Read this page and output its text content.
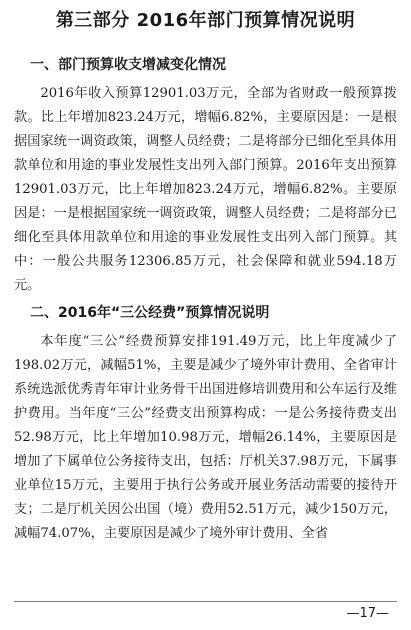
第三部分 2016年部门预算情况说明
一、部门预算收支增减变化情况

2016年收入预算12901.03万元，全部为省财政一般预算拨款。比上年增加823.24万元，增幅6.82%，主要原因是：一是根据国家统一调资政策，调整人员经费；二是将部分已细化至具体用款单位和用途的事业发展性支出列入部门预算。2016年支出预算12901.03万元，比上年增加823.24万元，增幅6.82%。主要原因是：一是根据国家统一调资政策，调整人员经费；二是将部分已细化至具体用款单位和用途的事业发展性支出列入部门预算。其中：一般公共服务12306.85万元，社会保障和就业594.18万元。

二、2016年“三公经费”预算情况说明

本年度“三公”经费预算安排191.49万元，比上年度减少了198.02万元，减幅51%，主要是减少了境外审计费用、全省审计系统选派优秀青年审计业务骨干出国进修培训费用和公车运行及维护费用。当年度“三公”经费支出预算构成：一是公务接待费支出52.98万元，比上年增加10.98万元，增幅26.14%，主要原因是增加了下属单位公务接待支出，包括：厅机关37.98万元，下属事业单位15万元，主要用于执行公务或开展业务活动需要的接待开支；二是厅机关因公出国（境）费用52.51万元，减少150万元，减幅74.07%，主要原因是减少了境外审计费用、全省

—17—
